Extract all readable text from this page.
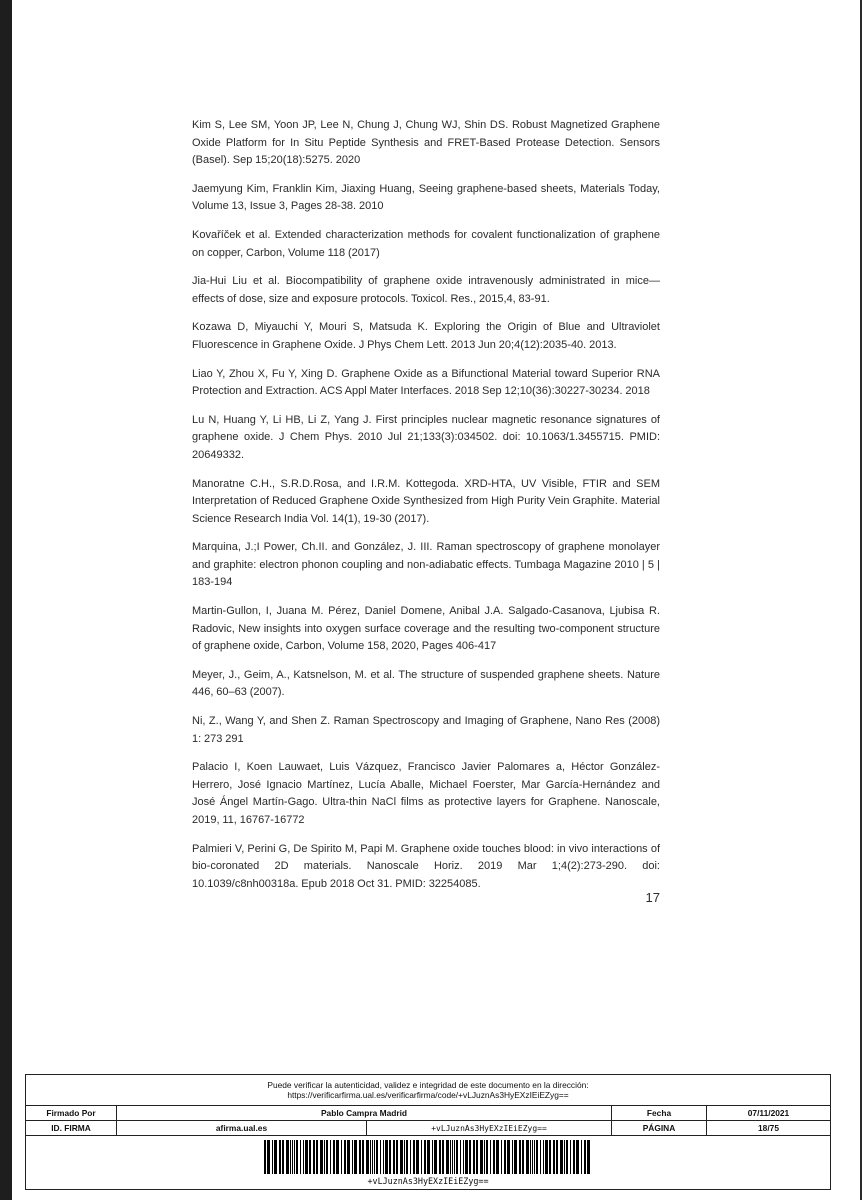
Kim S, Lee SM, Yoon JP, Lee N, Chung J, Chung WJ, Shin DS. Robust Magnetized Graphene Oxide Platform for In Situ Peptide Synthesis and FRET-Based Protease Detection. Sensors (Basel). Sep 15;20(18):5275. 2020

Jaemyung Kim, Franklin Kim, Jiaxing Huang, Seeing graphene-based sheets, Materials Today, Volume 13, Issue 3, Pages 28-38. 2010

Kovaříček et al. Extended characterization methods for covalent functionalization of graphene on copper, Carbon, Volume 118 (2017)

Jia-Hui Liu et al. Biocompatibility of graphene oxide intravenously administrated in mice— effects of dose, size and exposure protocols. Toxicol. Res., 2015,4, 83-91.

Kozawa D, Miyauchi Y, Mouri S, Matsuda K. Exploring the Origin of Blue and Ultraviolet Fluorescence in Graphene Oxide. J Phys Chem Lett. 2013 Jun 20;4(12):2035-40. 2013.

Liao Y, Zhou X, Fu Y, Xing D. Graphene Oxide as a Bifunctional Material toward Superior RNA Protection and Extraction. ACS Appl Mater Interfaces. 2018 Sep 12;10(36):30227-30234. 2018

Lu N, Huang Y, Li HB, Li Z, Yang J. First principles nuclear magnetic resonance signatures of graphene oxide. J Chem Phys. 2010 Jul 21;133(3):034502. doi: 10.1063/1.3455715. PMID: 20649332.

Manoratne C.H., S.R.D.Rosa, and I.R.M. Kottegoda. XRD-HTA, UV Visible, FTIR and SEM Interpretation of Reduced Graphene Oxide Synthesized from High Purity Vein Graphite. Material Science Research India Vol. 14(1), 19-30 (2017).

Marquina, J.;I Power, Ch.II. and González, J. III. Raman spectroscopy of graphene monolayer and graphite: electron phonon coupling and non-adiabatic effects. Tumbaga Magazine 2010 | 5 | 183-194

Martin-Gullon, I, Juana M. Pérez, Daniel Domene, Anibal J.A. Salgado-Casanova, Ljubisa R. Radovic, New insights into oxygen surface coverage and the resulting two-component structure of graphene oxide, Carbon, Volume 158, 2020, Pages 406-417

Meyer, J., Geim, A., Katsnelson, M. et al. The structure of suspended graphene sheets. Nature 446, 60–63 (2007).

Ni, Z., Wang Y, and Shen Z. Raman Spectroscopy and Imaging of Graphene, Nano Res (2008) 1: 273 291

Palacio I, Koen Lauwaet, Luis Vázquez, Francisco Javier Palomares a, Héctor González-Herrero, José Ignacio Martínez, Lucía Aballe, Michael Foerster, Mar García-Hernández and José Ángel Martín-Gago. Ultra-thin NaCl films as protective layers for Graphene. Nanoscale, 2019, 11, 16767-16772

Palmieri V, Perini G, De Spirito M, Papi M. Graphene oxide touches blood: in vivo interactions of bio-coronated 2D materials. Nanoscale Horiz. 2019 Mar 1;4(2):273-290. doi: 10.1039/c8nh00318a. Epub 2018 Oct 31. PMID: 32254085.

17
Puede verificar la autenticidad, validez e integridad de este documento en la dirección:
https://verificarfirma.ual.es/verificarfirma/code/+vLJuznAs3HyEXzIEiEZyg==
Firmado Por	Pablo Campra Madrid	Fecha	07/11/2021
ID. FIRMA	afirma.ual.es	+vLJuznAs3HyEXzIEiEZyg==	PÁGINA	18/75
+vLJuznAs3HyEXzIEiEZyg==
